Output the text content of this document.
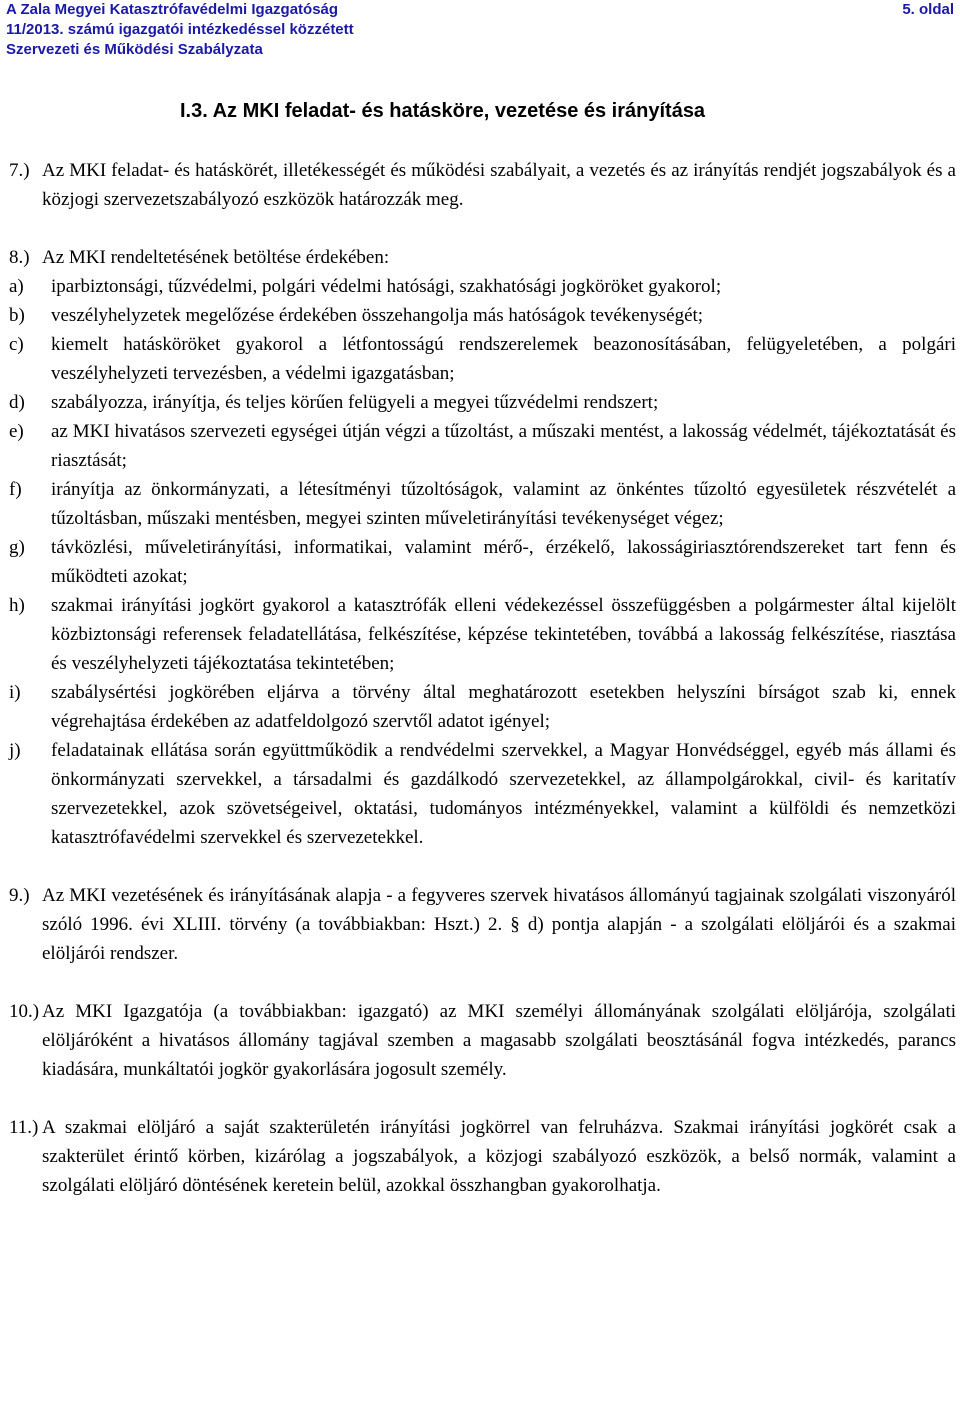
A Zala Megyei Katasztrófavédelmi Igazgatóság	5. oldal
11/2013. számú igazgatói intézkedéssel közzétett
Szervezeti és Működési Szabályzata
I.3. Az MKI feladat- és hatásköre, vezetése és irányítása
7.) Az MKI feladat- és hatáskörét, illetékességét és működési szabályait, a vezetés és az irányítás rendjét jogszabályok és a közjogi szervezetszabályozó eszközök határozzák meg.
8.) Az MKI rendeltetésének betöltése érdekében:
a) iparbiztonsági, tűzvédelmi, polgári védelmi hatósági, szakhatósági jogköröket gyakorol;
b) veszélyhelyzetek megelőzése érdekében összehangolja más hatóságok tevékenységét;
c) kiemelt hatásköröket gyakorol a létfontosságú rendszerelemek beazonosításában, felügyeletében, a polgári veszélyhelyzeti tervezésben, a védelmi igazgatásban;
d) szabályozza, irányítja, és teljes körűen felügyeli a megyei tűzvédelmi rendszert;
e) az MKI hivatásos szervezeti egységei útján végzi a tűzoltást, a műszaki mentést, a lakosság védelmét, tájékoztatását és riasztását;
f) irányítja az önkormányzati, a létesítményi tűzoltóságok, valamint az önkéntes tűzoltó egyesületek részvételét a tűzoltásban, műszaki mentésben, megyei szinten műveletirányítási tevékenységet végez;
g) távközlési, műveletirányítási, informatikai, valamint mérő-, érzékelő, lakosságiriasztórendszereket tart fenn és működteti azokat;
h) szakmai irányítási jogkört gyakorol a katasztrófák elleni védekezéssel összefüggésben a polgármester által kijelölt közbiztonsági referensek feladatellátása, felkészítése, képzése tekintetében, továbbá a lakosság felkészítése, riasztása és veszélyhelyzeti tájékoztatása tekintetében;
i) szabálysértési jogkörében eljárva a törvény által meghatározott esetekben helyszíni bírságot szab ki, ennek végrehajtása érdekében az adatfeldolgozó szervtől adatot igényel;
j) feladatainak ellátása során együttműködik a rendvédelmi szervekkel, a Magyar Honvédséggel, egyéb más állami és önkormányzati szervekkel, a társadalmi és gazdálkodó szervezetekkel, az állampolgárokkal, civil- és karitatív szervezetekkel, azok szövetségeivel, oktatási, tudományos intézményekkel, valamint a külföldi és nemzetközi katasztrófavédelmi szervekkel és szervezetekkel.
9.) Az MKI vezetésének és irányításának alapja - a fegyveres szervek hivatásos állományú tagjainak szolgálati viszonyáról szóló 1996. évi XLIII. törvény (a továbbiakban: Hszt.) 2. § d) pontja alapján - a szolgálati elöljárói és a szakmai elöljárói rendszer.
10.) Az MKI Igazgatója (a továbbiakban: igazgató) az MKI személyi állományának szolgálati elöljárója, szolgálati elöljáróként a hivatásos állomány tagjával szemben a magasabb szolgálati beosztásánál fogva intézkedés, parancs kiadására, munkáltatói jogkör gyakorlására jogosult személy.
11.) A szakmai elöljáró a saját szakterületén irányítási jogkörrel van felruházva. Szakmai irányítási jogkörét csak a szakterület érintő körben, kizárólag a jogszabályok, a közjogi szabályozó eszközök, a belső normák, valamint a szolgálati elöljáró döntésének keretein belül, azokkal összhangban gyakorolhatja.
